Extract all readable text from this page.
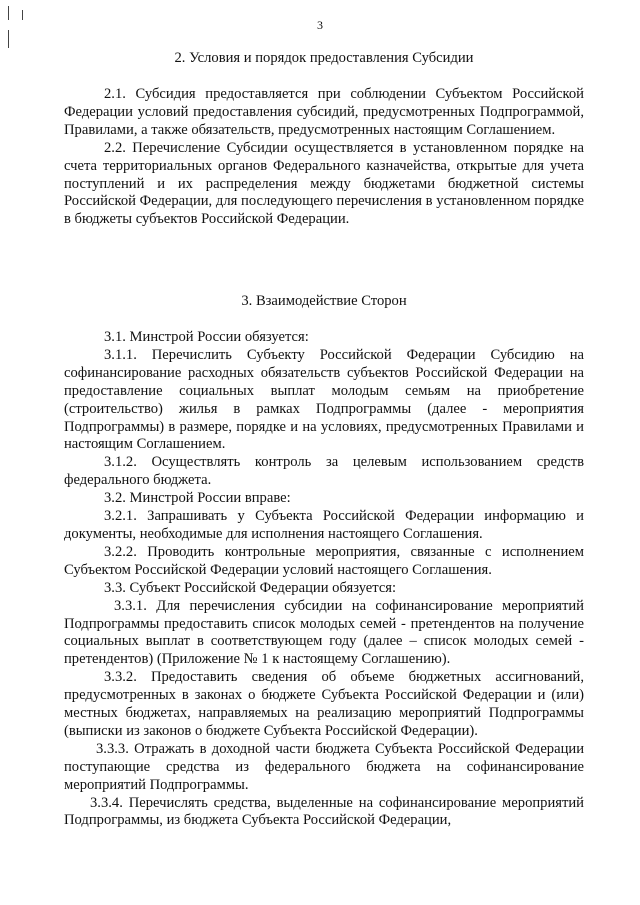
3

2. Условия и порядок предоставления Субсидии

2.1. Субсидия предоставляется при соблюдении Субъектом Российской Федерации условий предоставления субсидий, предусмотренных Подпрограммой, Правилами, а также обязательств, предусмотренных настоящим Соглашением.

2.2. Перечисление Субсидии осуществляется в установленном порядке на счета территориальных органов Федерального казначейства, открытые для учета поступлений и их распределения между бюджетами бюджетной системы Российской Федерации, для последующего перечисления в установленном порядке в бюджеты субъектов Российской Федерации.

3. Взаимодействие Сторон

3.1. Минстрой России обязуется:

3.1.1. Перечислить Субъекту Российской Федерации Субсидию на софинансирование расходных обязательств субъектов Российской Федерации на предоставление социальных выплат молодым семьям на приобретение (строительство) жилья в рамках Подпрограммы (далее - мероприятия Подпрограммы) в размере, порядке и на условиях, предусмотренных Правилами и настоящим Соглашением.

3.1.2. Осуществлять контроль за целевым использованием средств федерального бюджета.

3.2. Минстрой России вправе:

3.2.1. Запрашивать у Субъекта Российской Федерации информацию и документы, необходимые для исполнения настоящего Соглашения.

3.2.2. Проводить контрольные мероприятия, связанные с исполнением Субъектом Российской Федерации условий настоящего Соглашения.

3.3. Субъект Российской Федерации обязуется:

3.3.1. Для перечисления субсидии на софинансирование мероприятий Подпрограммы предоставить список молодых семей - претендентов на получение социальных выплат в соответствующем году (далее – список молодых семей - претендентов) (Приложение № 1 к настоящему Соглашению).

3.3.2. Предоставить сведения об объеме бюджетных ассигнований, предусмотренных в законах о бюджете Субъекта Российской Федерации и (или) местных бюджетах, направляемых на реализацию мероприятий Подпрограммы (выписки из законов о бюджете Субъекта Российской Федерации).

3.3.3. Отражать в доходной части бюджета Субъекта Российской Федерации поступающие средства из федерального бюджета на софинансирование мероприятий Подпрограммы.

3.3.4. Перечислять средства, выделенные на софинансирование мероприятий Подпрограммы, из бюджета Субъекта Российской Федерации,
